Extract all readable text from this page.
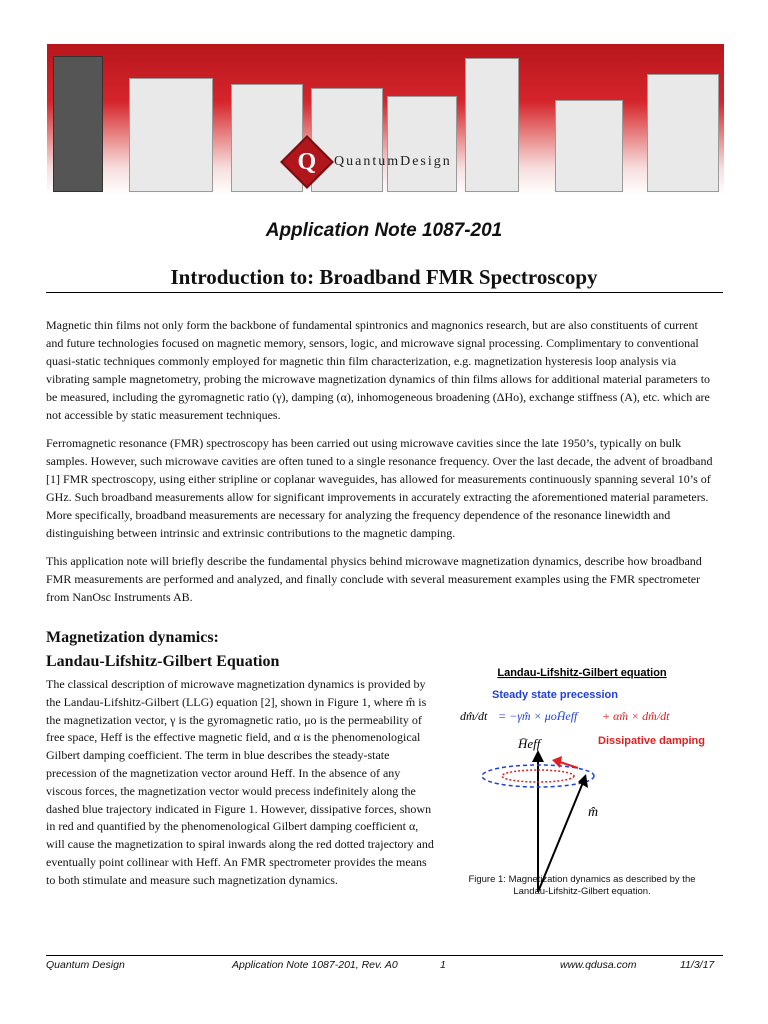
Q QuantumDesign
Application Note 1087-201
Introduction to: Broadband FMR Spectroscopy

Magnetic thin films not only form the backbone of fundamental spintronics and magnonics research, but are also constituents of current and future technologies focused on magnetic memory, sensors, logic, and microwave signal processing. Complimentary to conventional quasi-static techniques commonly employed for magnetic thin film characterization, e.g. magnetization hysteresis loop analysis via vibrating sample magnetometry, probing the microwave magnetization dynamics of thin films allows for additional material parameters to be measured, including the gyromagnetic ratio (γ), damping (α), inhomogeneous broadening (ΔHo), exchange stiffness (A), etc. which are not accessible by static measurement techniques.

Ferromagnetic resonance (FMR) spectroscopy has been carried out using microwave cavities since the late 1950’s, typically on bulk samples. However, such microwave cavities are often tuned to a single resonance frequency. Over the last decade, the advent of broadband [1] FMR spectroscopy, using either stripline or coplanar waveguides, has allowed for measurements continuously spanning several 10’s of GHz. Such broadband measurements allow for significant improvements in accurately extracting the aforementioned material parameters. More specifically, broadband measurements are necessary for analyzing the frequency dependence of the resonance linewidth and distinguishing between intrinsic and extrinsic contributions to the magnetic damping.

This application note will briefly describe the fundamental physics behind microwave magnetization dynamics, describe how broadband FMR measurements are performed and analyzed, and finally conclude with several measurement examples using the FMR spectrometer from NanOsc Instruments AB.

Magnetization dynamics:
Landau-Lifshitz-Gilbert Equation

The classical description of microwave magnetization dynamics is provided by the Landau-Lifshitz-Gilbert (LLG) equation [2], shown in Figure 1, where m̂ is the magnetization vector, γ is the gyromagnetic ratio, μo is the permeability of free space, Heff is the effective magnetic field, and α is the phenomenological Gilbert damping coefficient. The term in blue describes the steady-state precession of the magnetization vector around Heff. In the absence of any viscous forces, the magnetization vector would precess indefinitely along the dashed blue trajectory indicated in Figure 1. However, dissipative forces, shown in red and quantified by the phenomenological Gilbert damping coefficient α, will cause the magnetization to spiral inwards along the red dotted trajectory and eventually point collinear with Heff. An FMR spectrometer provides the means to both stimulate and measure such magnetization dynamics.

Landau-Lifshitz-Gilbert equation
Steady state precession
dm̂/dt = −γm̂ × μoH̄eff + αm̂ × dm̂/dt
Dissipative damping
H̄eff
m̂
Figure 1: Magnetization dynamics as described by the Landau-Lifshitz-Gilbert equation.
Quantum Design	Application Note 1087-201, Rev. A0	1	www.qdusa.com	11/3/17
